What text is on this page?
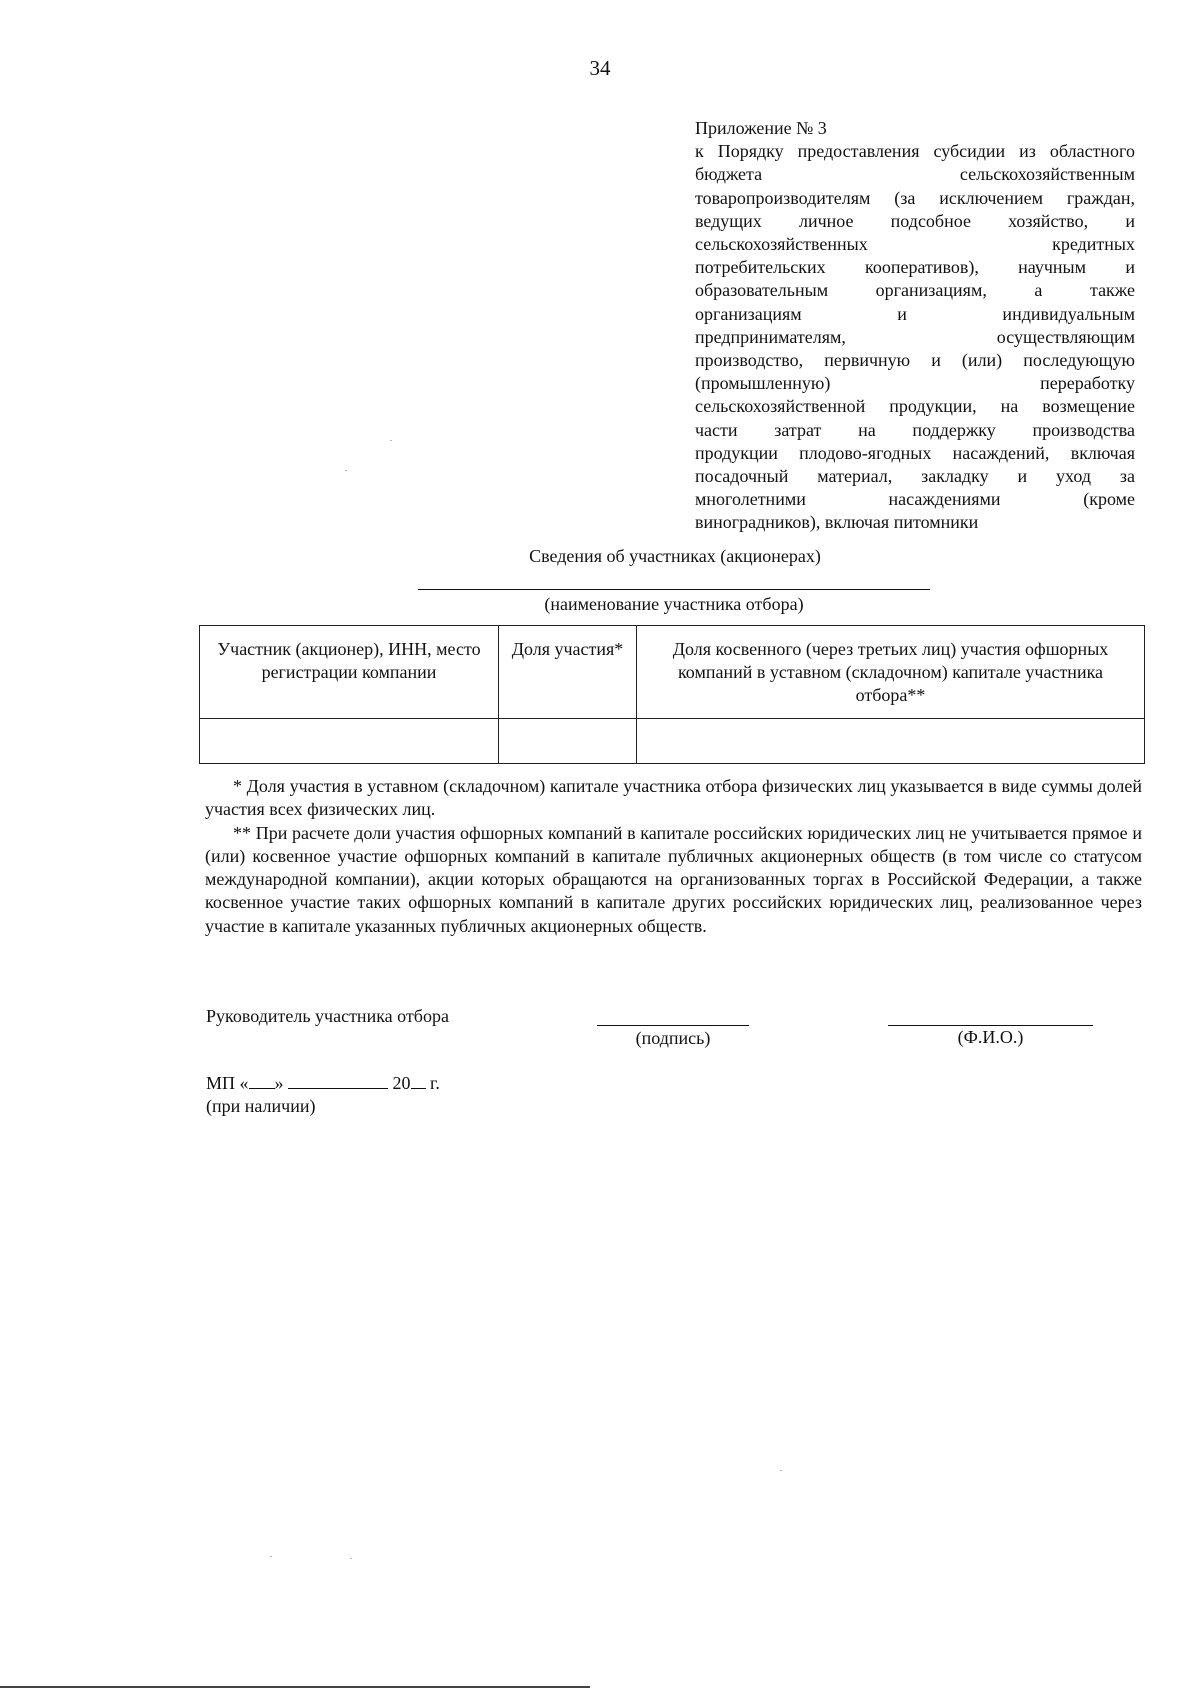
34
Приложение № 3
к Порядку предоставления субсидии из областного
бюджета сельскохозяйственным
товаропроизводителям (за исключением граждан,
ведущих личное подсобное хозяйство, и
сельскохозяйственных кредитных
потребительских кооперативов), научным и
образовательным организациям, а также
организациям и индивидуальным
предпринимателям, осуществляющим
производство, первичную и (или) последующую
(промышленную) переработку
сельскохозяйственной продукции, на возмещение
части затрат на поддержку производства
продукции плодово-ягодных насаждений, включая
посадочный материал, закладку и уход за
многолетними насаждениями (кроме
виноградников), включая питомники
Сведения об участниках (акционерах)
(наименование участника отбора)
Участник (акционер), ИНН, место регистрации компании	Доля участия*	Доля косвенного (через третьих лиц) участия офшорных компаний в уставном (складочном) капитале участника отбора**

* Доля участия в уставном (складочном) капитале участника отбора физических лиц указывается в виде суммы долей участия всех физических лиц.

** При расчете доли участия офшорных компаний в капитале российских юридических лиц не учитывается прямое и (или) косвенное участие офшорных компаний в капитале публичных акционерных обществ (в том числе со статусом международной компании), акции которых обращаются на организованных торгах в Российской Федерации, а также косвенное участие таких офшорных компаний в капитале других российских юридических лиц, реализованное через участие в капитале указанных публичных акционерных обществ.

Руководитель участника отбора
(подпись)	(Ф.И.О.)
МП « »	20 г.
(при наличии)
